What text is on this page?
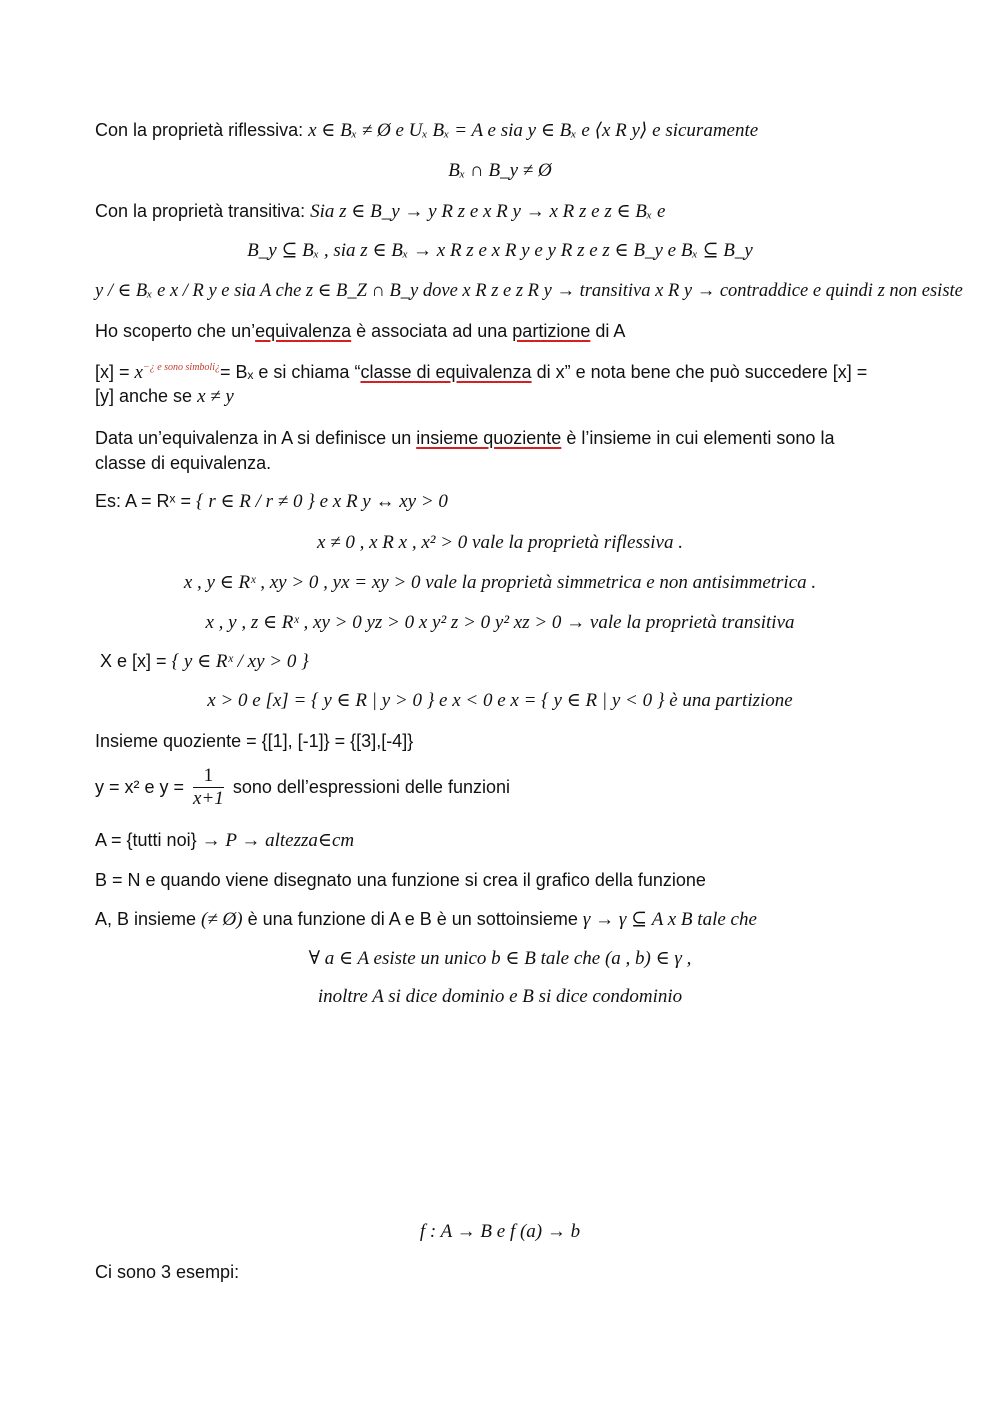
Con la proprietà riflessiva: x ∈ Bₓ ≠ Ø e Uₓ Bₓ = A e sia y ∈ Bₓ e ⟨x R y⟩ e sicuramente
Bₓ ∩ B_y ≠ Ø
Con la proprietà transitiva: Sia z ∈ B_y → y R z e x R y → x R z e z ∈ Bₓ e
B_y ⊆ Bₓ , sia z ∈ Bₓ → x R z e x R y e y R z e z ∈ B_y e Bₓ ⊆ B_y
y / ∈ Bₓ e x / R y e sia A che z ∈ B_Z ∩ B_y dove x R z e z R y → transitiva x R y → contraddice e quindi z non esiste
Ho scoperto che un’equivalenza è associata ad una partizione di A
$[x] = x^{-¿ e sono simboli¿}= B_x$ e si chiama “classe di equivalenza di x” e nota bene che può succedere [x] =
[y] anche se x ≠ y
Data un’equivalenza in A si definisce un insieme quoziente è l’insieme in cui elementi sono la
classe di equivalenza.
Es: A = Rˣ = { r ∈ R / r ≠ 0 } e x R y ↔ xy > 0
x ≠ 0 , x R x , x² > 0 vale la proprietà riflessiva .
x , y ∈ Rˣ , xy > 0 , yx = xy > 0 vale la proprietà simmetrica e non antisimmetrica .
x , y , z ∈ Rˣ , xy > 0 yz > 0 x y² z > 0 y² xz > 0 → vale la proprietà transitiva
X e [x] = { y ∈ Rˣ / xy > 0 }
x > 0 e [x] = { y ∈ R | y > 0 } e x < 0 e x = { y ∈ R | y < 0 } è una partizione
Insieme quoziente = {[1], [-1]} = {[3],[-4]}
y = x² e $y = \frac{1}{x+1}$ sono dell’espressioni delle funzioni
A = {tutti noi} → P → altezza∈cm
B = N e quando viene disegnato una funzione si crea il grafico della funzione
A, B insieme (≠ Ø) è una funzione di A e B è un sottoinsieme γ → γ ⊆ A x B tale che
∀ a ∈ A esiste un unico b ∈ B tale che (a , b) ∈ γ ,
inoltre A si dice dominio e B si dice condominio
f : A → B e f (a) → b
Ci sono 3 esempi:
